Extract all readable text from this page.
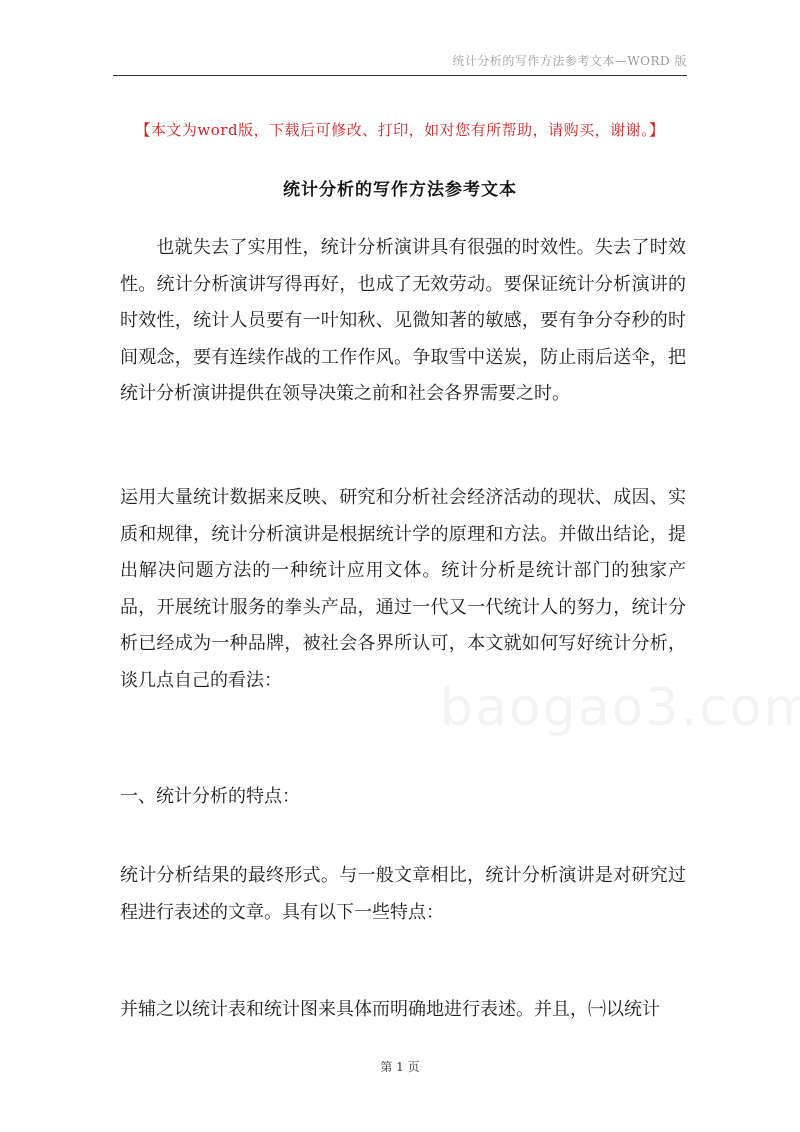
统计分析的写作方法参考文本—WORD 版
【本文为word版，下载后可修改、打印，如对您有所帮助，请购买，谢谢。】
统计分析的写作方法参考文本

也就失去了实用性，统计分析演讲具有很强的时效性。失去了时效性。统计分析演讲写得再好，也成了无效劳动。要保证统计分析演讲的时效性，统计人员要有一叶知秋、见微知著的敏感，要有争分夺秒的时间观念，要有连续作战的工作作风。争取雪中送炭，防止雨后送伞，把统计分析演讲提供在领导决策之前和社会各界需要之时。

运用大量统计数据来反映、研究和分析社会经济活动的现状、成因、实质和规律，统计分析演讲是根据统计学的原理和方法。并做出结论，提出解决问题方法的一种统计应用文体。统计分析是统计部门的独家产品，开展统计服务的拳头产品，通过一代又一代统计人的努力，统计分析已经成为一种品牌，被社会各界所认可，本文就如何写好统计分析，谈几点自己的看法：

一、统计分析的特点：

统计分析结果的最终形式。与一般文章相比，统计分析演讲是对研究过程进行表述的文章。具有以下一些特点：

并辅之以统计表和统计图来具体而明确地进行表述。并且，㈠以统计

第 1 页
